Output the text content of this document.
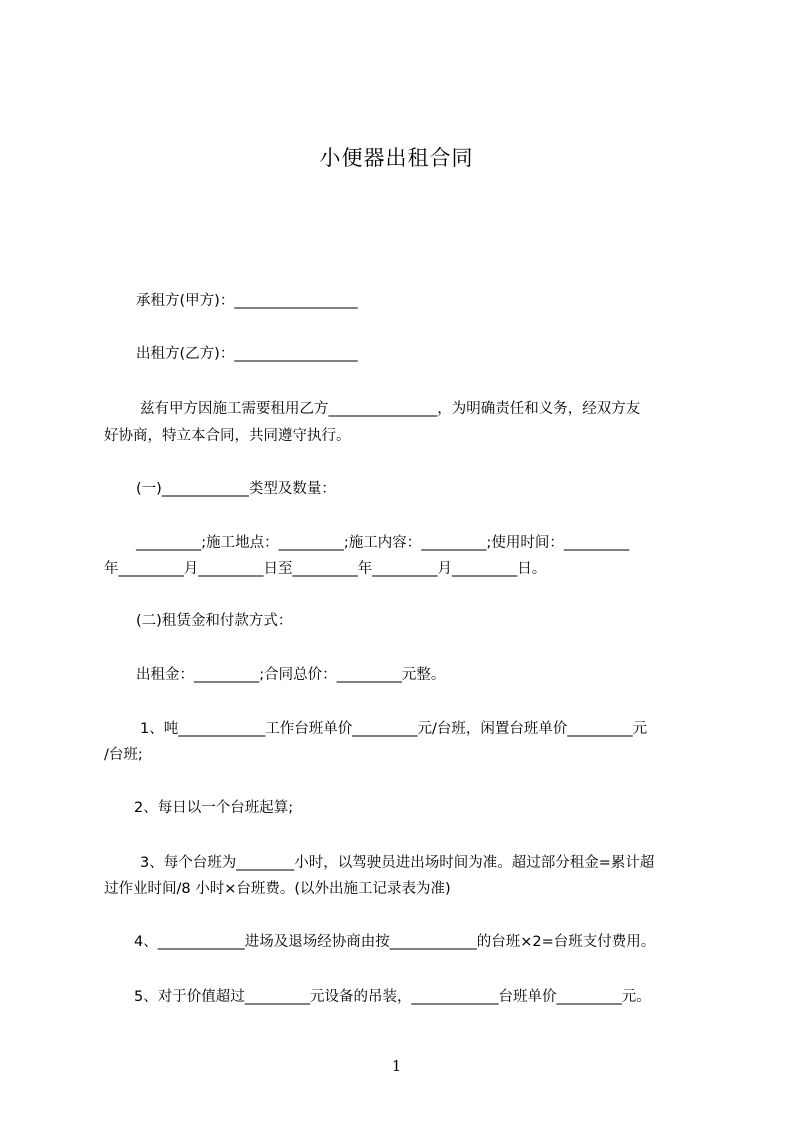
小便器出租合同
承租方(甲方)：_________________
出租方(乙方)：_________________
兹有甲方因施工需要租用乙方_______________，为明确责任和义务，经双方友
好协商，特立本合同，共同遵守执行。
(一)____________类型及数量：
_________;施工地点：_________;施工内容：_________;使用时间：_________
年_________月_________日至_________年_________月_________日。
(二)租赁金和付款方式：
出租金：_________;合同总价：_________元整。
1、吨____________工作台班单价_________元/台班，闲置台班单价_________元
/台班;
2、每日以一个台班起算;
3、每个台班为________小时，以驾驶员进出场时间为准。超过部分租金=累计超
过作业时间/8 小时×台班费。(以外出施工记录表为准)
4、____________进场及退场经协商由按____________的台班×2=台班支付费用。
5、对于价值超过_________元设备的吊装，____________台班单价_________元。
1
